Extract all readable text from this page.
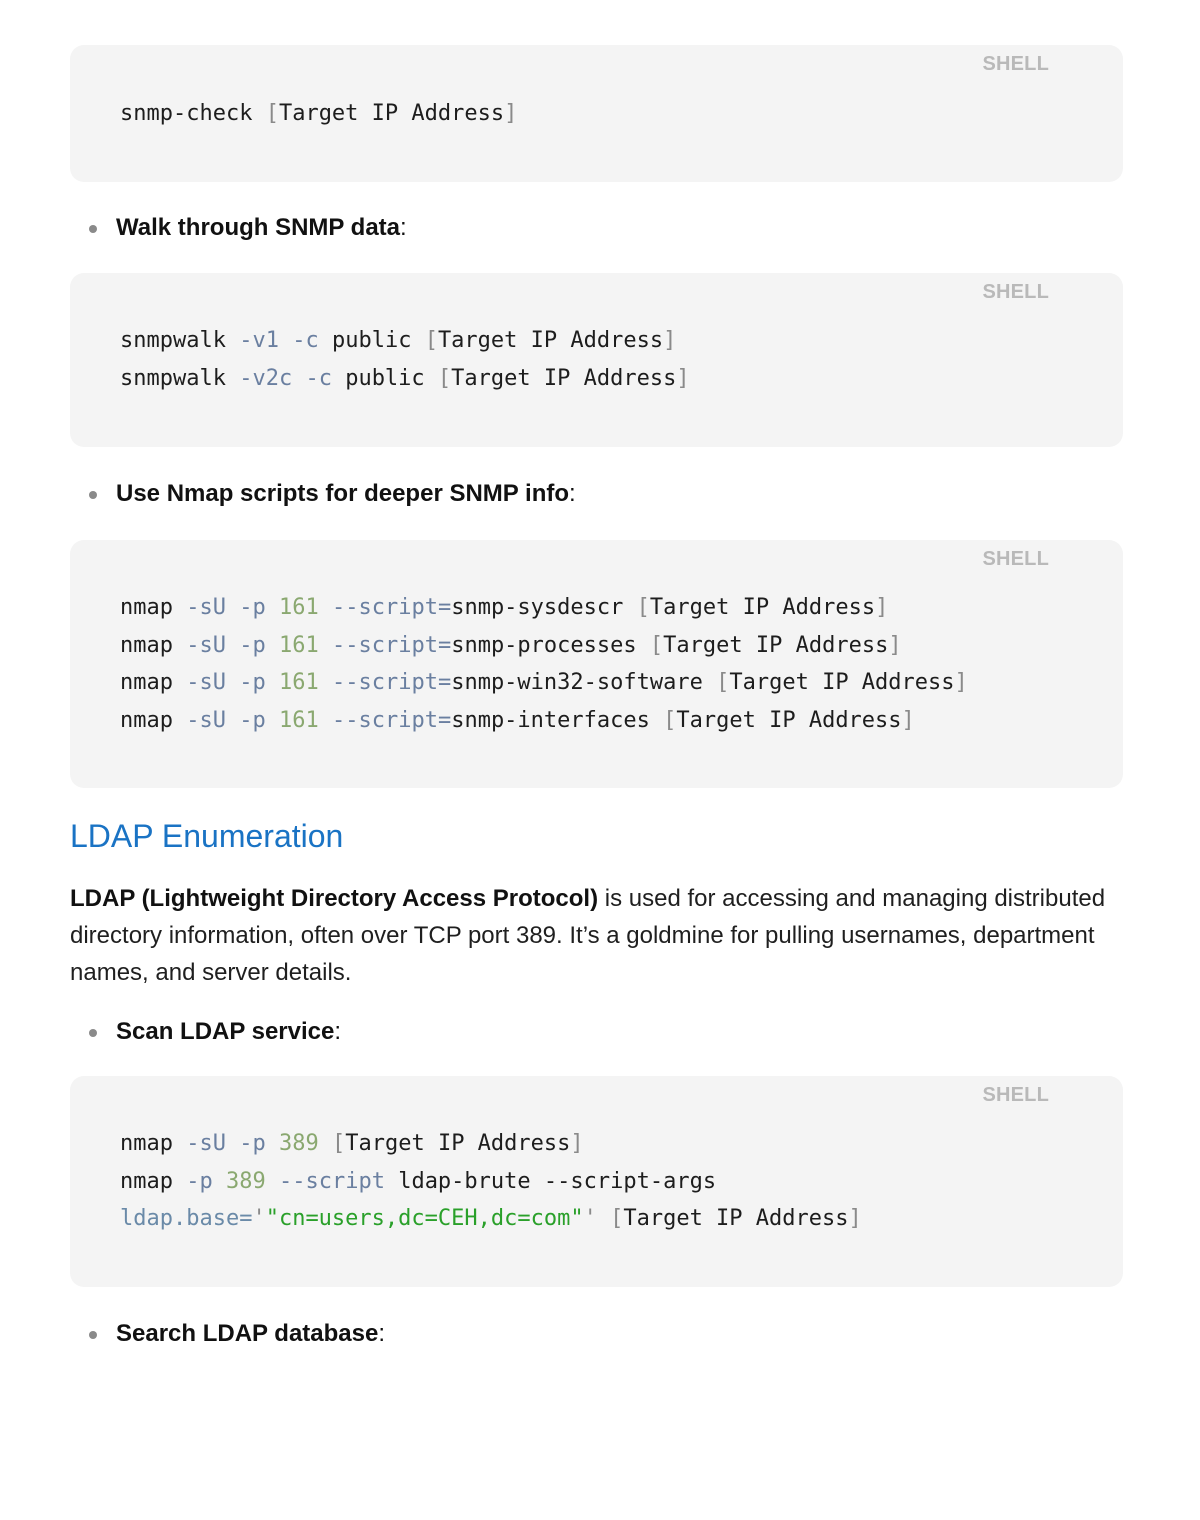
SHELL
snmp-check [Target IP Address]
Walk through SNMP data:
SHELL
snmpwalk -v1 -c public [Target IP Address]
snmpwalk -v2c -c public [Target IP Address]
Use Nmap scripts for deeper SNMP info:
SHELL
nmap -sU -p 161 --script=snmp-sysdescr [Target IP Address]
nmap -sU -p 161 --script=snmp-processes [Target IP Address]
nmap -sU -p 161 --script=snmp-win32-software [Target IP Address]
nmap -sU -p 161 --script=snmp-interfaces [Target IP Address]
LDAP Enumeration

LDAP (Lightweight Directory Access Protocol) is used for accessing and managing distributed directory information, often over TCP port 389. It’s a goldmine for pulling usernames, department names, and server details.

Scan LDAP service:
SHELL
nmap -sU -p 389 [Target IP Address]
nmap -p 389 --script ldap-brute --script-args
ldap.base='"cn=users,dc=CEH,dc=com"' [Target IP Address]
Search LDAP database:
